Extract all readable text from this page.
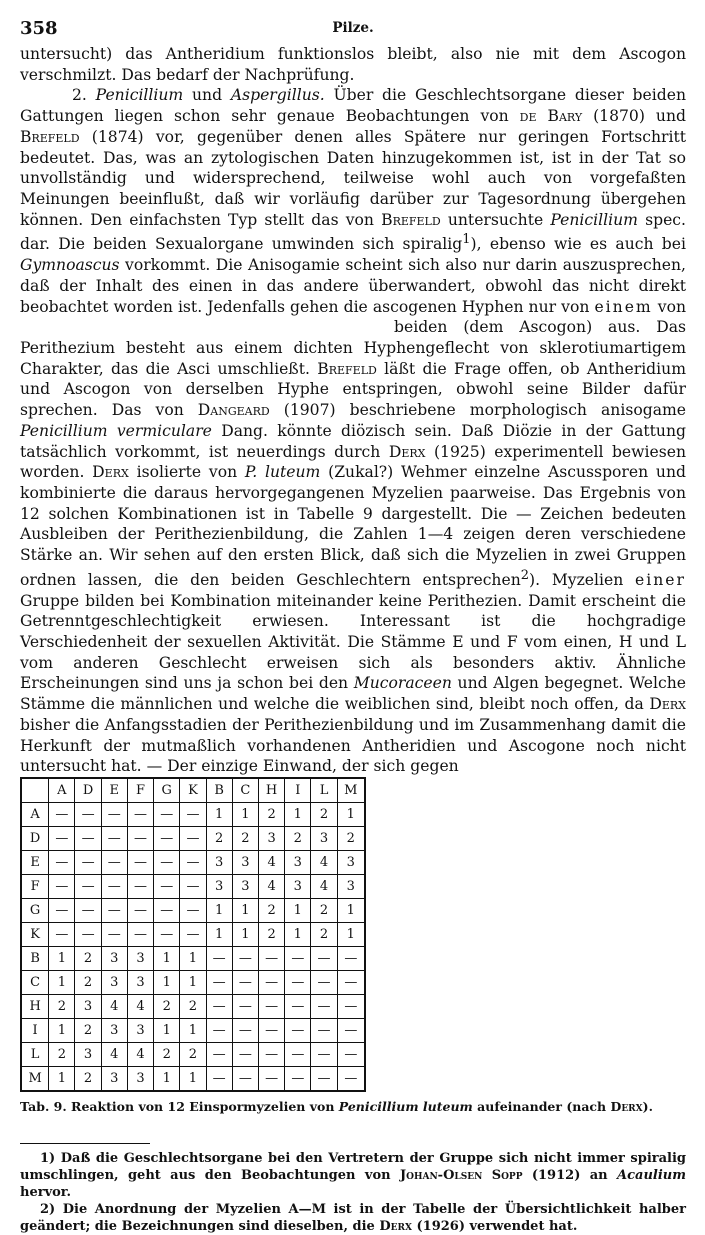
358	Pilze.

untersucht) das Antheridium funktionslos bleibt, also nie mit dem Ascogon verschmilzt. Das bedarf der Nachprüfung.

2. Penicillium und Aspergillus. Über die Geschlechtsorgane dieser beiden Gattungen liegen schon sehr genaue Beobachtungen von de Bary (1870) und Brefeld (1874) vor, gegenüber denen alles Spätere nur geringen Fortschritt bedeutet. Das, was an zytologischen Daten hinzugekommen ist, ist in der Tat so unvollständig und widersprechend, teilweise wohl auch von vorgefaßten Meinungen beeinflußt, daß wir vorläufig darüber zur Tagesordnung übergehen können. Den einfachsten Typ stellt das von Brefeld untersuchte Penicillium spec. dar. Die beiden Sexualorgane umwinden sich spiralig$^1$), ebenso wie es auch bei Gymnoascus vorkommt. Die Anisogamie scheint sich also nur darin auszusprechen, daß der Inhalt des einen in das andere überwandert, obwohl das nicht direkt beobachtet worden ist. Jedenfalls gehen die ascogenen Hyphen nur von
einem von beiden (dem Ascogon) aus. Das Perithezium besteht aus einem dichten Hyphengeflecht von sklerotiumartigem Charakter, das die Asci umschließt. Brefeld läßt die Frage offen, ob Antheridium und Ascogon von derselben Hyphe entspringen, obwohl seine Bilder dafür sprechen. Das von Dangeard (1907) beschriebene morphologisch anisogame Penicillium vermiculare Dang. könnte diözisch sein. Daß Diözie in der Gattung tatsächlich vorkommt, ist neuerdings durch Derx (1925) experimentell bewiesen worden. Derx isolierte von P. luteum (Zukal?) Wehmer einzelne Ascussporen und kombinierte die daraus hervorgegangenen Myzelien paarweise. Das Ergebnis von 12 solchen Kombinationen ist in Tabelle 9 dargestellt. Die — Zeichen bedeuten Ausbleiben der Perithezienbildung, die Zahlen 1—4 zeigen deren verschiedene Stärke an. Wir sehen auf den ersten Blick, daß sich die Myzelien in zwei Gruppen ordnen lassen, die den beiden Geschlechtern entsprechen$^2$). Myzelien einer Gruppe bilden bei Kombination miteinander keine Perithezien. Damit erscheint die Getrenntgeschlechtigkeit erwiesen. Interessant ist die hochgradige Verschiedenheit der sexuellen Aktivität. Die Stämme E und F vom einen, H und L vom anderen Geschlecht erweisen sich als besonders aktiv. Ähnliche Erscheinungen sind uns ja schon bei den Mucoraceen und Algen begegnet. Welche Stämme die männlichen und welche die weiblichen sind, bleibt noch offen, da Derx bisher die Anfangsstadien der Perithezienbildung und im Zusammenhang damit die Herkunft der mutmaßlich vorhandenen Antheridien und Ascogone noch nicht untersucht hat. — Der einzige Einwand, der sich gegen

	A	D	E	F	G	K	B	C	H	I	L	M
A	—	—	—	—	—	—	1	1	2	1	2	1
D	—	—	—	—	—	—	2	2	3	2	3	2
E	—	—	—	—	—	—	3	3	4	3	4	3
F	—	—	—	—	—	—	3	3	4	3	4	3
G	—	—	—	—	—	—	1	1	2	1	2	1
K	—	—	—	—	—	—	1	1	2	1	2	1
B	1	2	3	3	1	1	—	—	—	—	—	—
C	1	2	3	3	1	1	—	—	—	—	—	—
H	2	3	4	4	2	2	—	—	—	—	—	—
I	1	2	3	3	1	1	—	—	—	—	—	—
L	2	3	4	4	2	2	—	—	—	—	—	—
M	1	2	3	3	1	1	—	—	—	—	—	—
Tab. 9. Reaktion von 12 Einspormyzelien von Penicillium luteum aufeinander (nach Derx).

1) Daß die Geschlechtsorgane bei den Vertretern der Gruppe sich nicht immer spiralig umschlingen, geht aus den Beobachtungen von Johan-Olsen Sopp (1912) an Acaulium hervor.

2) Die Anordnung der Myzelien A—M ist in der Tabelle der Übersichtlichkeit halber geändert; die Bezeichnungen sind dieselben, die Derx (1926) verwendet hat.
